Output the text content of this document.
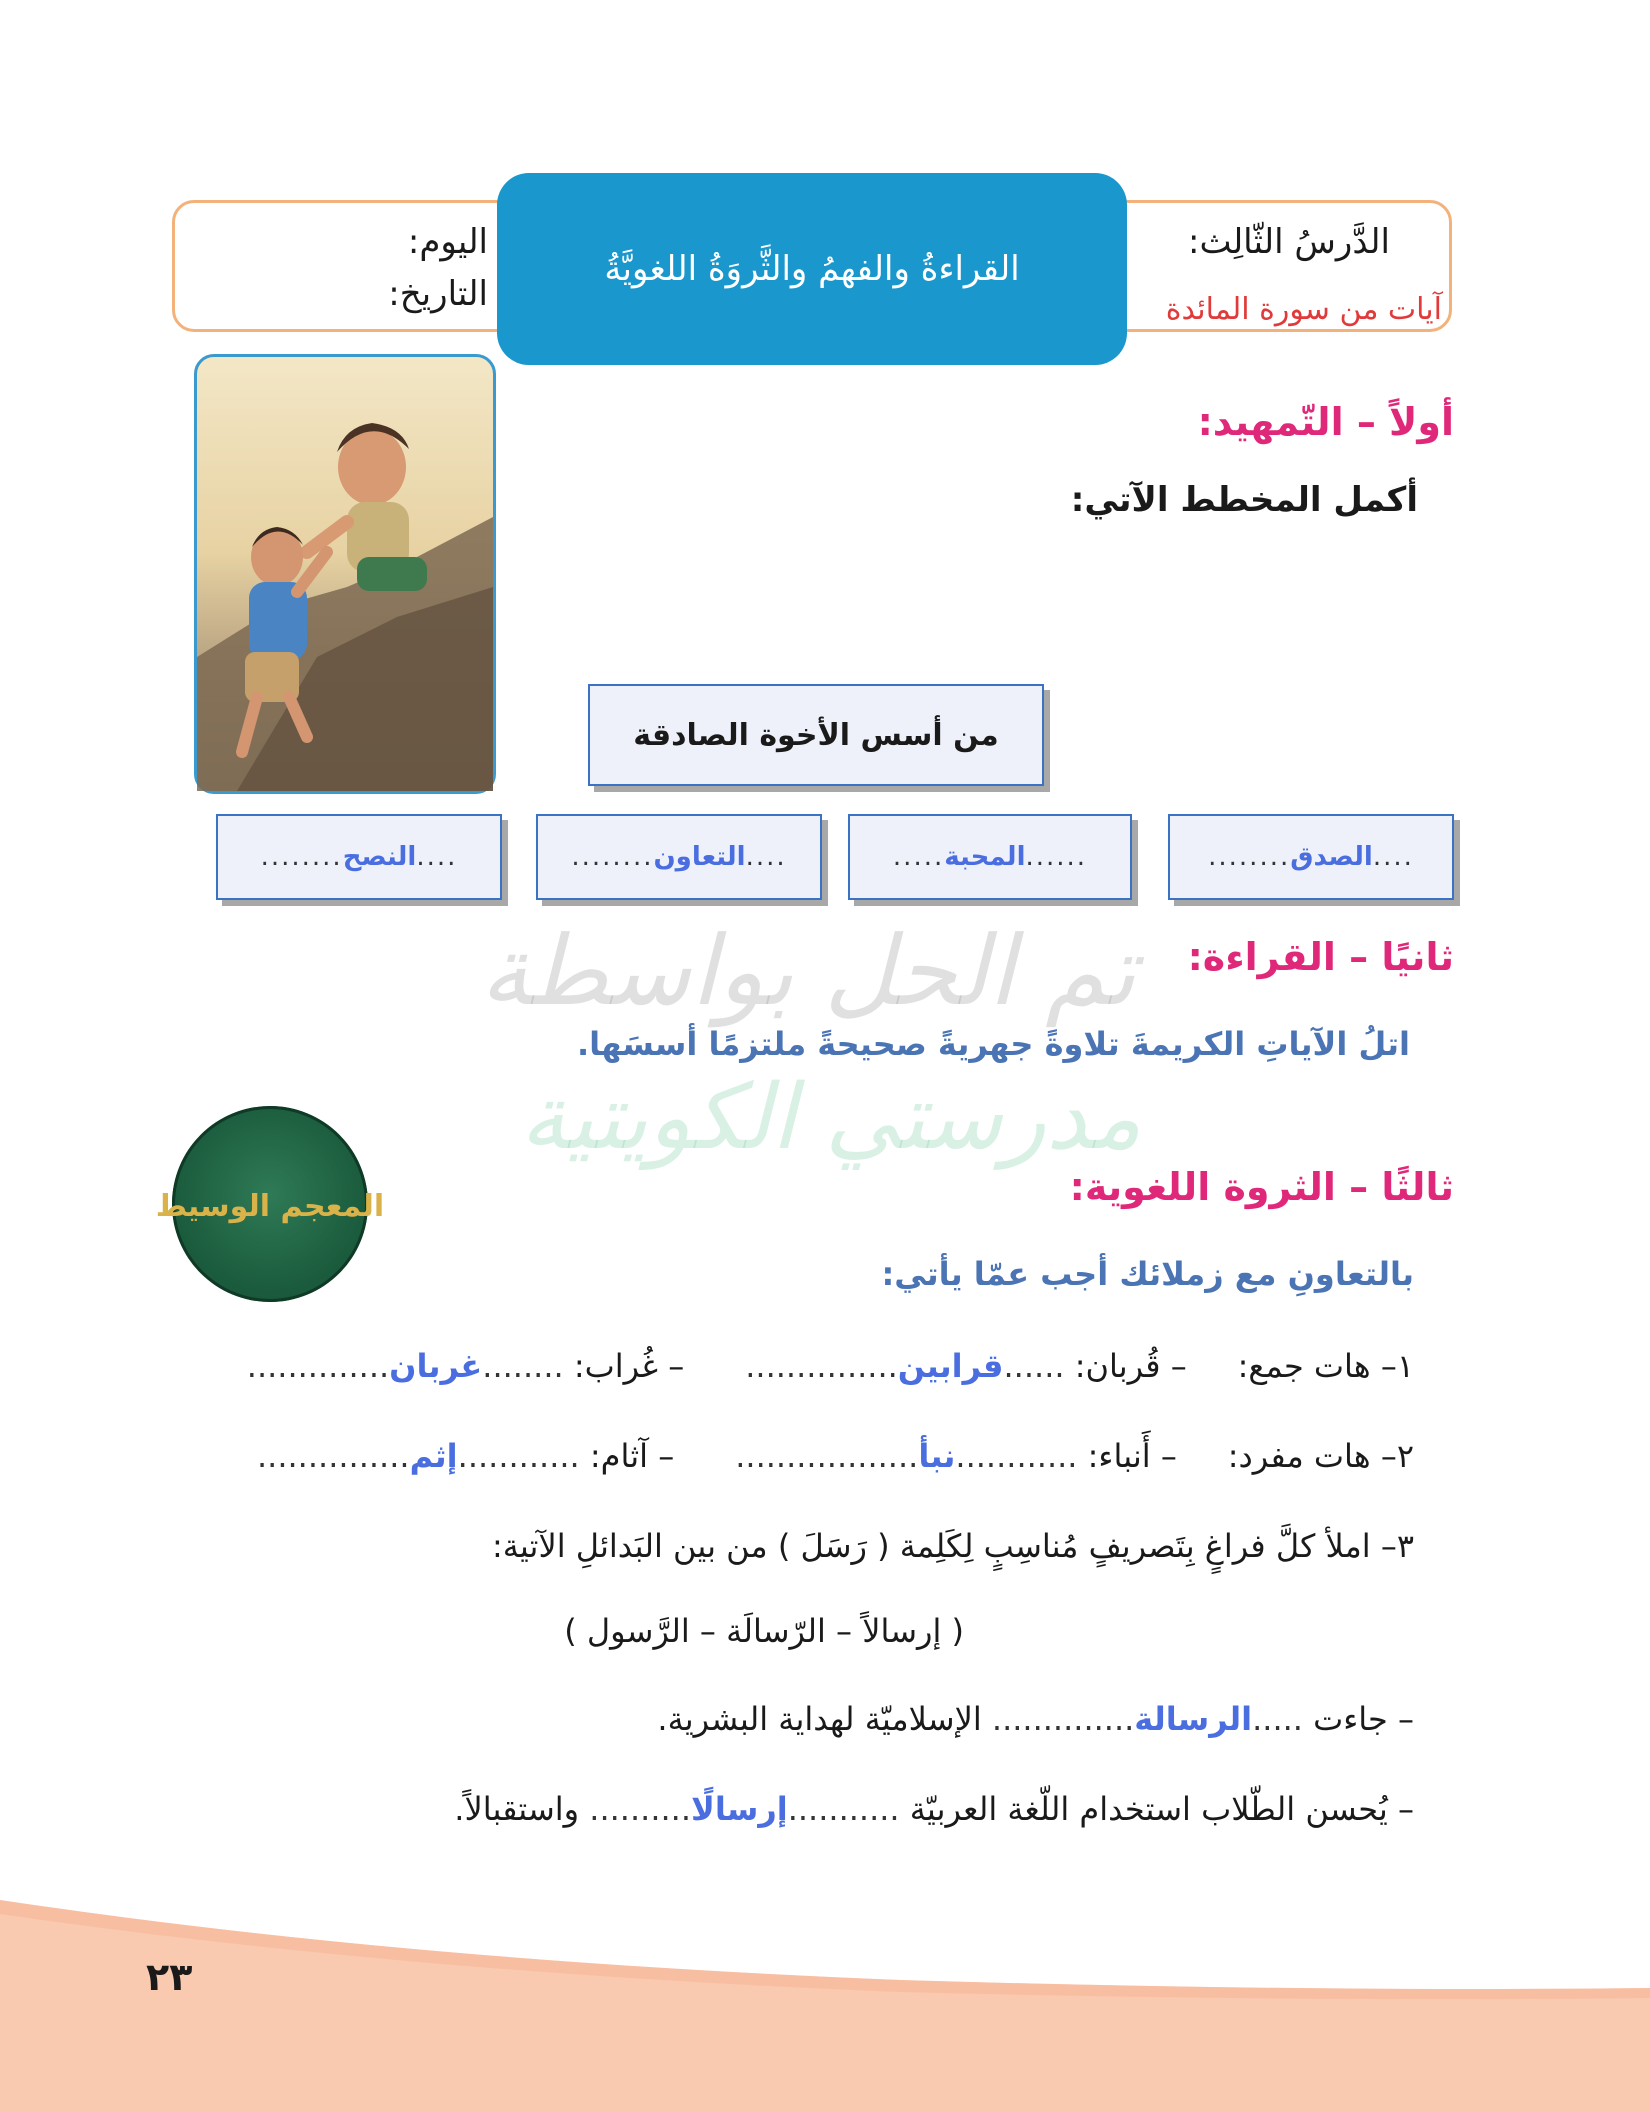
القراءةُ والفهمُ والثَّروَةُ اللغويَّةُ
الدَّرسُ الثّالِث:
آيات من سورة المائدة
اليوم:
التاريخ:
أولاً – التّمهيد:
أكمل المخطط الآتي:
من أسس الأخوة الصادقة
....
الصدق
........
......
المحبة
.....
....
التعاون
........
....
النصح
........
تم الحل بواسطة
مدرستي الكويتية
ثانيًا – القراءة:
اتلُ الآياتِ الكريمةَ تلاوةً جهريةً صحيحةً ملتزمًا أسسَها.
المعجم الوسيط	ثالثًا – الثروة اللغوية:
بالتعاونِ مع زملائك أجب عمّا يأتي:
١– هات جمع:     – قُربان: ......قرابين...............      – غُراب: ........غربان..............
٢– هات مفرد:     – أَنباء: ............نبأ..................      – آثام: ............إثم...............
٣– املأ كلَّ فراغٍ بِتَصريفٍ مُناسِبٍ لِكَلِمة ( رَسَلَ ) من بين البَدائلِ الآتية:
( إرسالاً – الرّسالَة – الرَّسول )
– جاءت .....الرسالة.............. الإسلاميّة لهداية البشرية.
– يُحسن الطّلاب استخدام اللّغة العربيّة ...........إرسالًا.......... واستقبالاً.
٢٣
